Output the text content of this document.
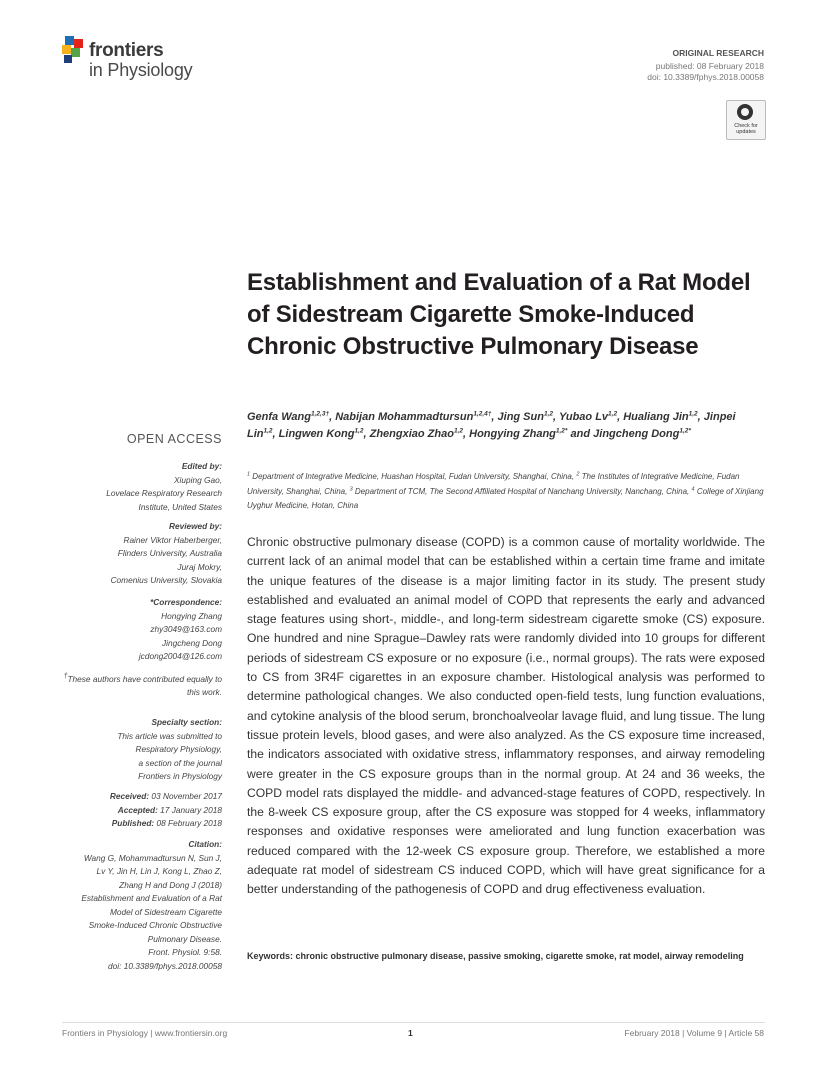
frontiers
in Physiology
ORIGINAL RESEARCH
published: 08 February 2018
doi: 10.3389/fphys.2018.00058
Check for updates
Establishment and Evaluation of a Rat Model of Sidestream Cigarette Smoke-Induced Chronic Obstructive Pulmonary Disease
Genfa Wang$^{1,2,3\dagger}$, Nabijan Mohammadtursun$^{1,2,4\dagger}$, Jing Sun$^{1,2}$, Yubao Lv$^{1,2}$, Hualiang Jin$^{1,2}$, Jinpei Lin$^{1,2}$, Lingwen Kong$^{1,2}$, Zhengxiao Zhao$^{1,2}$, Hongying Zhang$^{1,2*}$ and Jingcheng Dong$^{1,2*}$
$^1$ Department of Integrative Medicine, Huashan Hospital, Fudan University, Shanghai, China, $^2$ The Institutes of Integrative Medicine, Fudan University, Shanghai, China, $^3$ Department of TCM, The Second Affiliated Hospital of Nanchang University, Nanchang, China, $^4$ College of Xinjiang Uyghur Medicine, Hotan, China

Chronic obstructive pulmonary disease (COPD) is a common cause of mortality worldwide. The current lack of an animal model that can be established within a certain time frame and imitate the unique features of the disease is a major limiting factor in its study. The present study established and evaluated an animal model of COPD that represents the early and advanced stage features using short-, middle-, and long-term sidestream cigarette smoke (CS) exposure. One hundred and nine Sprague–Dawley rats were randomly divided into 10 groups for different periods of sidestream CS exposure or no exposure (i.e., normal groups). The rats were exposed to CS from 3R4F cigarettes in an exposure chamber. Histological analysis was performed to determine pathological changes. We also conducted open-field tests, lung function evaluations, and cytokine analysis of the blood serum, bronchoalveolar lavage fluid, and lung tissue. The lung tissue protein levels, blood gases, and were also analyzed. As the CS exposure time increased, the indicators associated with oxidative stress, inflammatory responses, and airway remodeling were greater in the CS exposure groups than in the normal group. At 24 and 36 weeks, the COPD model rats displayed the middle- and advanced-stage features of COPD, respectively. In the 8-week CS exposure group, after the CS exposure was stopped for 4 weeks, inflammatory responses and oxidative responses were ameliorated and lung function exacerbation was reduced compared with the 12-week CS exposure group. Therefore, we established a more adequate rat model of sidestream CS induced COPD, which will have great significance for a better understanding of the pathogenesis of COPD and drug effectiveness evaluation.

Keywords: chronic obstructive pulmonary disease, passive smoking, cigarette smoke, rat model, airway remodeling
OPEN ACCESS
Edited by:
Xiuping Gao,
Lovelace Respiratory Research
Institute, United States
Reviewed by:
Rainer Viktor Haberberger,
Flinders University, Australia
Juraj Mokry,
Comenius University, Slovakia
*Correspondence:
Hongying Zhang
zhy3049@163.com
Jingcheng Dong
jcdong2004@126.com
†These authors have contributed equally to this work.
Specialty section:
This article was submitted to
Respiratory Physiology,
a section of the journal
Frontiers in Physiology
Received: 03 November 2017
Accepted: 17 January 2018
Published: 08 February 2018
Citation:
Wang G, Mohammadtursun N, Sun J,
Lv Y, Jin H, Lin J, Kong L, Zhao Z,
Zhang H and Dong J (2018)
Establishment and Evaluation of a Rat
Model of Sidestream Cigarette
Smoke-Induced Chronic Obstructive
Pulmonary Disease.
Front. Physiol. 9:58.
doi: 10.3389/fphys.2018.00058
Frontiers in Physiology | www.frontiersin.org	1	February 2018 | Volume 9 | Article 58
